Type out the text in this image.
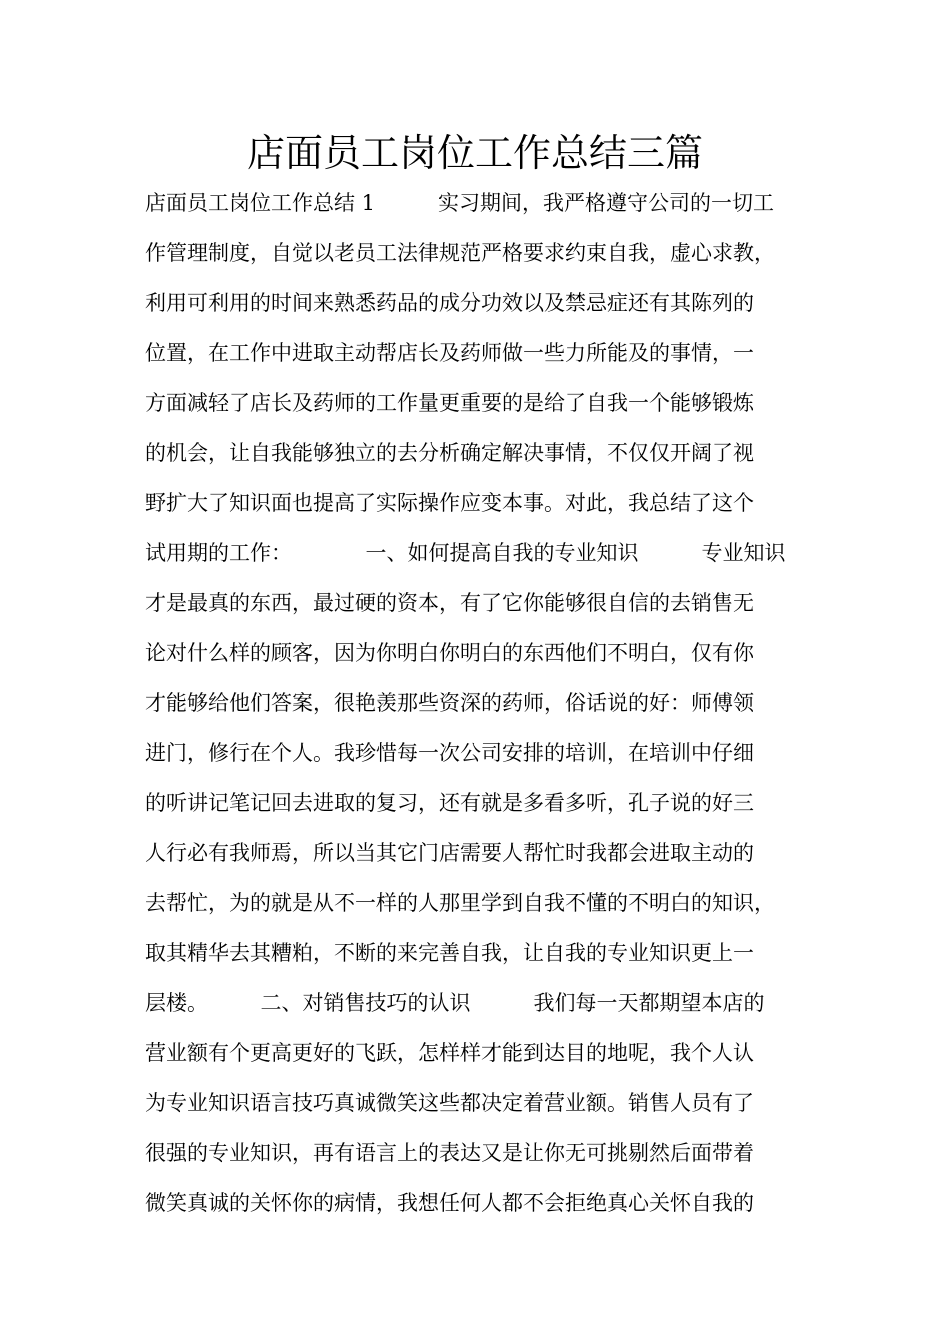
店面员工岗位工作总结三篇
店面员工岗位工作总结 1　　　实习期间，我严格遵守公司的一切工
作管理制度，自觉以老员工法律规范严格要求约束自我，虚心求教，
利用可利用的时间来熟悉药品的成分功效以及禁忌症还有其陈列的
位置，在工作中进取主动帮店长及药师做一些力所能及的事情，一
方面减轻了店长及药师的工作量更重要的是给了自我一个能够锻炼
的机会，让自我能够独立的去分析确定解决事情，不仅仅开阔了视
野扩大了知识面也提高了实际操作应变本事。对此，我总结了这个
试用期的工作：　　　　一、如何提高自我的专业知识　　　专业知识
才是最真的东西，最过硬的资本，有了它你能够很自信的去销售无
论对什么样的顾客，因为你明白你明白的东西他们不明白，仅有你
才能够给他们答案，很艳羡那些资深的药师，俗话说的好：师傅领
进门，修行在个人。我珍惜每一次公司安排的培训，在培训中仔细
的听讲记笔记回去进取的复习，还有就是多看多听，孔子说的好三
人行必有我师焉，所以当其它门店需要人帮忙时我都会进取主动的
去帮忙，为的就是从不一样的人那里学到自我不懂的不明白的知识，
取其精华去其糟粕，不断的来完善自我，让自我的专业知识更上一
层楼。　　　二、对销售技巧的认识　　　我们每一天都期望本店的
营业额有个更高更好的飞跃，怎样样才能到达目的地呢，我个人认
为专业知识语言技巧真诚微笑这些都决定着营业额。销售人员有了
很强的专业知识，再有语言上的表达又是让你无可挑剔然后面带着
微笑真诚的关怀你的病情，我想任何人都不会拒绝真心关怀自我的
